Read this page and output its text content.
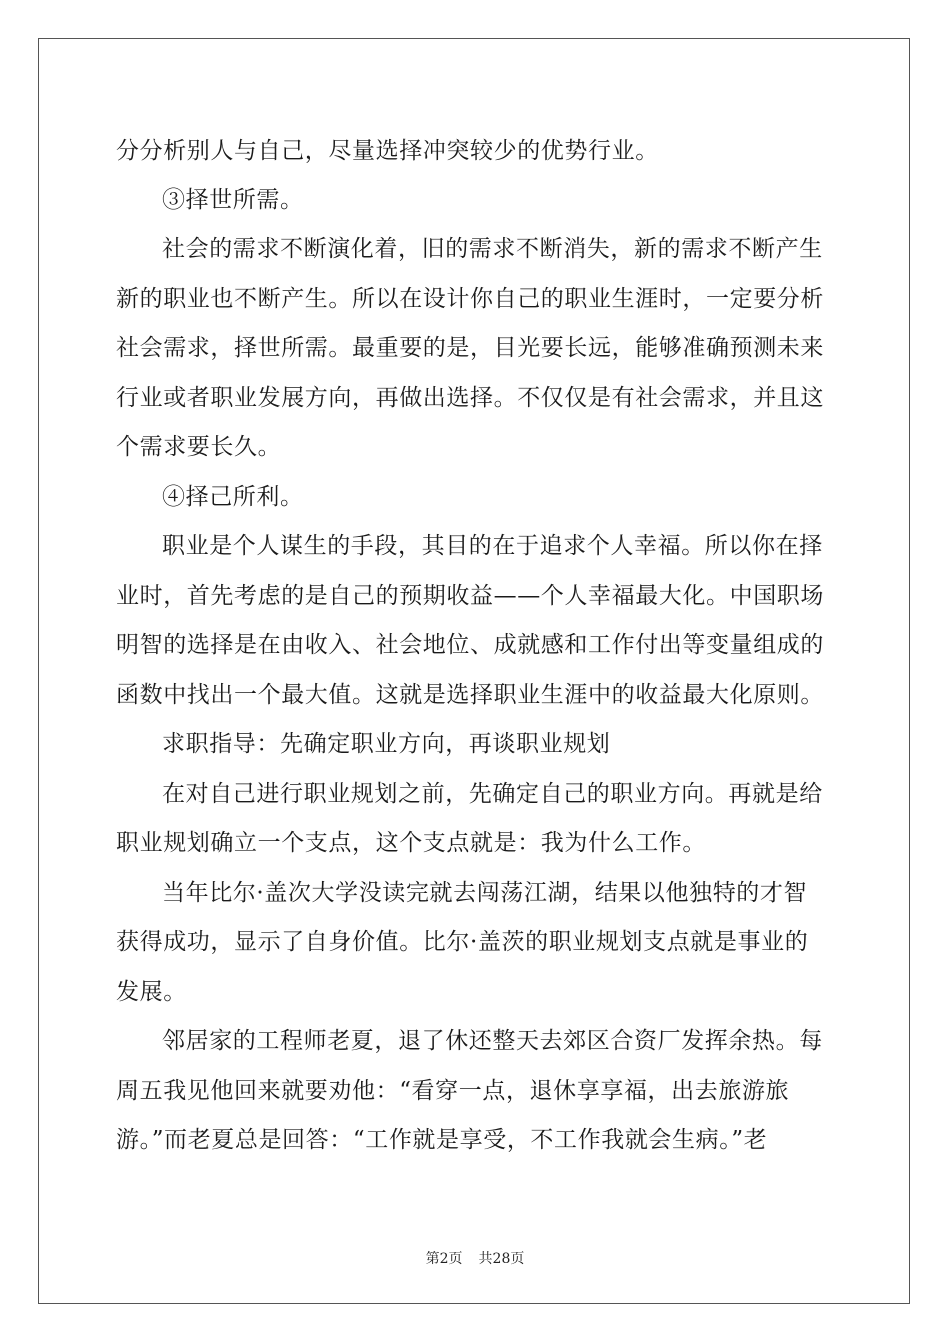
分分析别人与自己，尽量选择冲突较少的优势行业。
③择世所需。
社会的需求不断演化着，旧的需求不断消失，新的需求不断产生
新的职业也不断产生。所以在设计你自己的职业生涯时，一定要分析
社会需求，择世所需。最重要的是，目光要长远，能够准确预测未来
行业或者职业发展方向，再做出选择。不仅仅是有社会需求，并且这
个需求要长久。
④择己所利。
职业是个人谋生的手段，其目的在于追求个人幸福。所以你在择
业时，首先考虑的是自己的预期收益——个人幸福最大化。中国职场
明智的选择是在由收入、社会地位、成就感和工作付出等变量组成的
函数中找出一个最大值。这就是选择职业生涯中的收益最大化原则。
求职指导：先确定职业方向，再谈职业规划
在对自己进行职业规划之前，先确定自己的职业方向。再就是给
职业规划确立一个支点，这个支点就是：我为什么工作。
当年比尔·盖次大学没读完就去闯荡江湖，结果以他独特的才智
获得成功，显示了自身价值。比尔·盖茨的职业规划支点就是事业的
发展。
邻居家的工程师老夏，退了休还整天去郊区合资厂发挥余热。每
周五我见他回来就要劝他：“看穿一点，退休享享福，出去旅游旅
游。”而老夏总是回答：“工作就是享受，不工作我就会生病。”老
第2页 共28页
